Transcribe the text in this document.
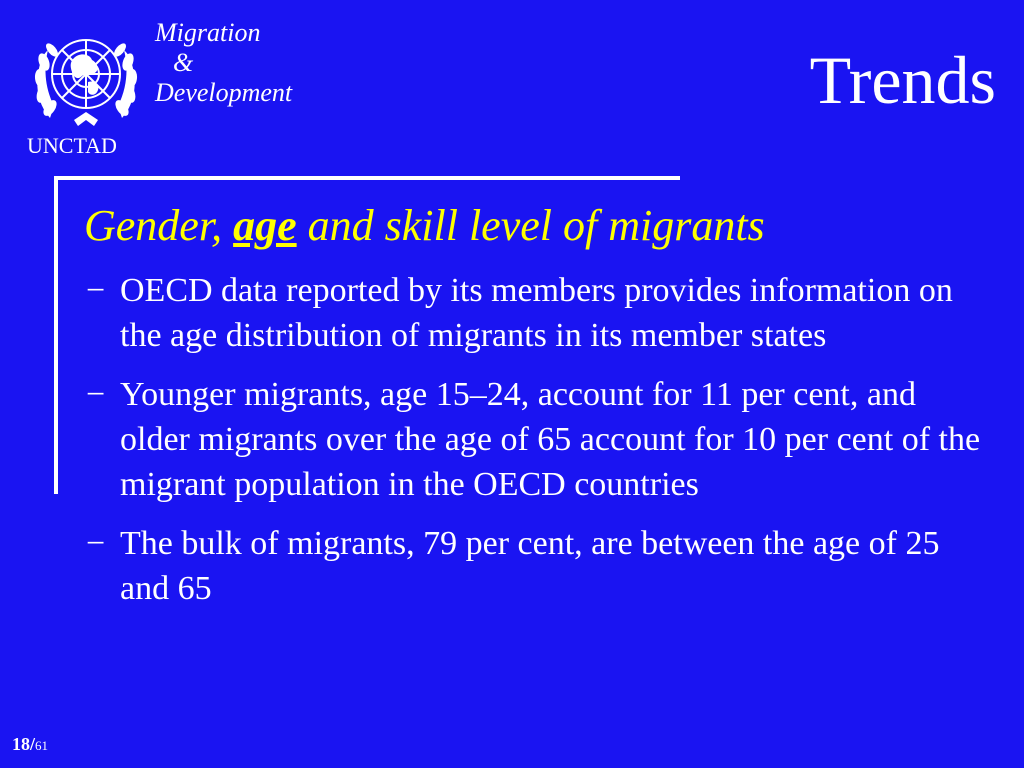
UNCTAD
Migration
&
Development	Trends
Gender, age and skill level of migrants
− OECD data reported by its members provides information on the age distribution of migrants in its member states
− Younger migrants, age 15–24, account for 11 per cent, and older migrants over the age of 65 account for 10 per cent of the migrant population in the OECD countries
− The bulk of migrants, 79 per cent, are between the age of 25 and 65
18/61
